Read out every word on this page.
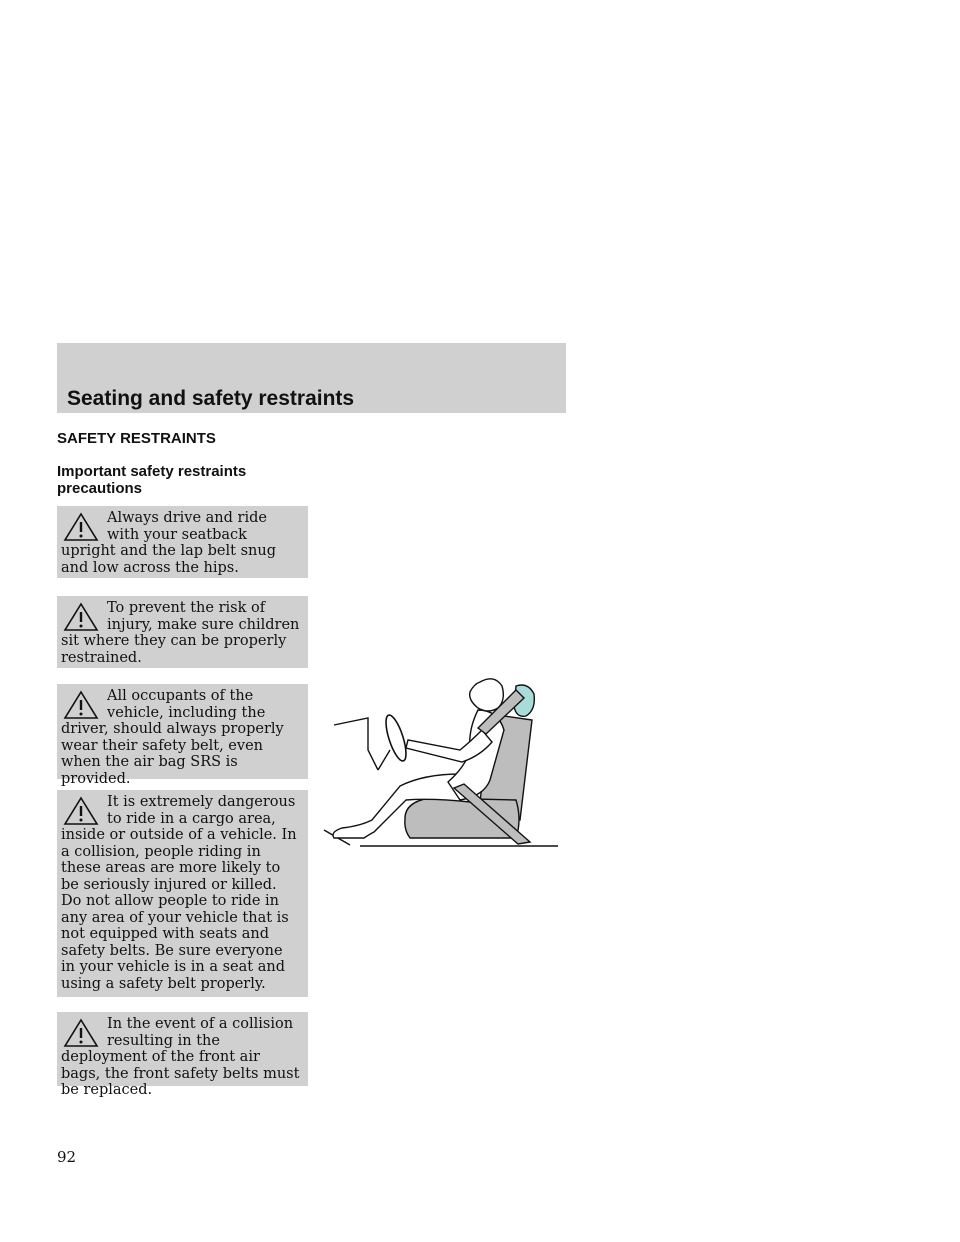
Seating and safety restraints
SAFETY RESTRAINTS
Important safety restraints precautions

Always drive and ride with your seatback upright and the lap belt snug and low across the hips.

To prevent the risk of injury, make sure children sit where they can be properly restrained.

All occupants of the vehicle, including the driver, should always properly wear their safety belt, even when the air bag SRS is provided.

It is extremely dangerous to ride in a cargo area, inside or outside of a vehicle. In a collision, people riding in these areas are more likely to be seriously injured or killed. Do not allow people to ride in any area of your vehicle that is not equipped with seats and safety belts. Be sure everyone in your vehicle is in a seat and using a safety belt properly.

In the event of a collision resulting in the deployment of the front air bags, the front safety belts must be replaced.

92
